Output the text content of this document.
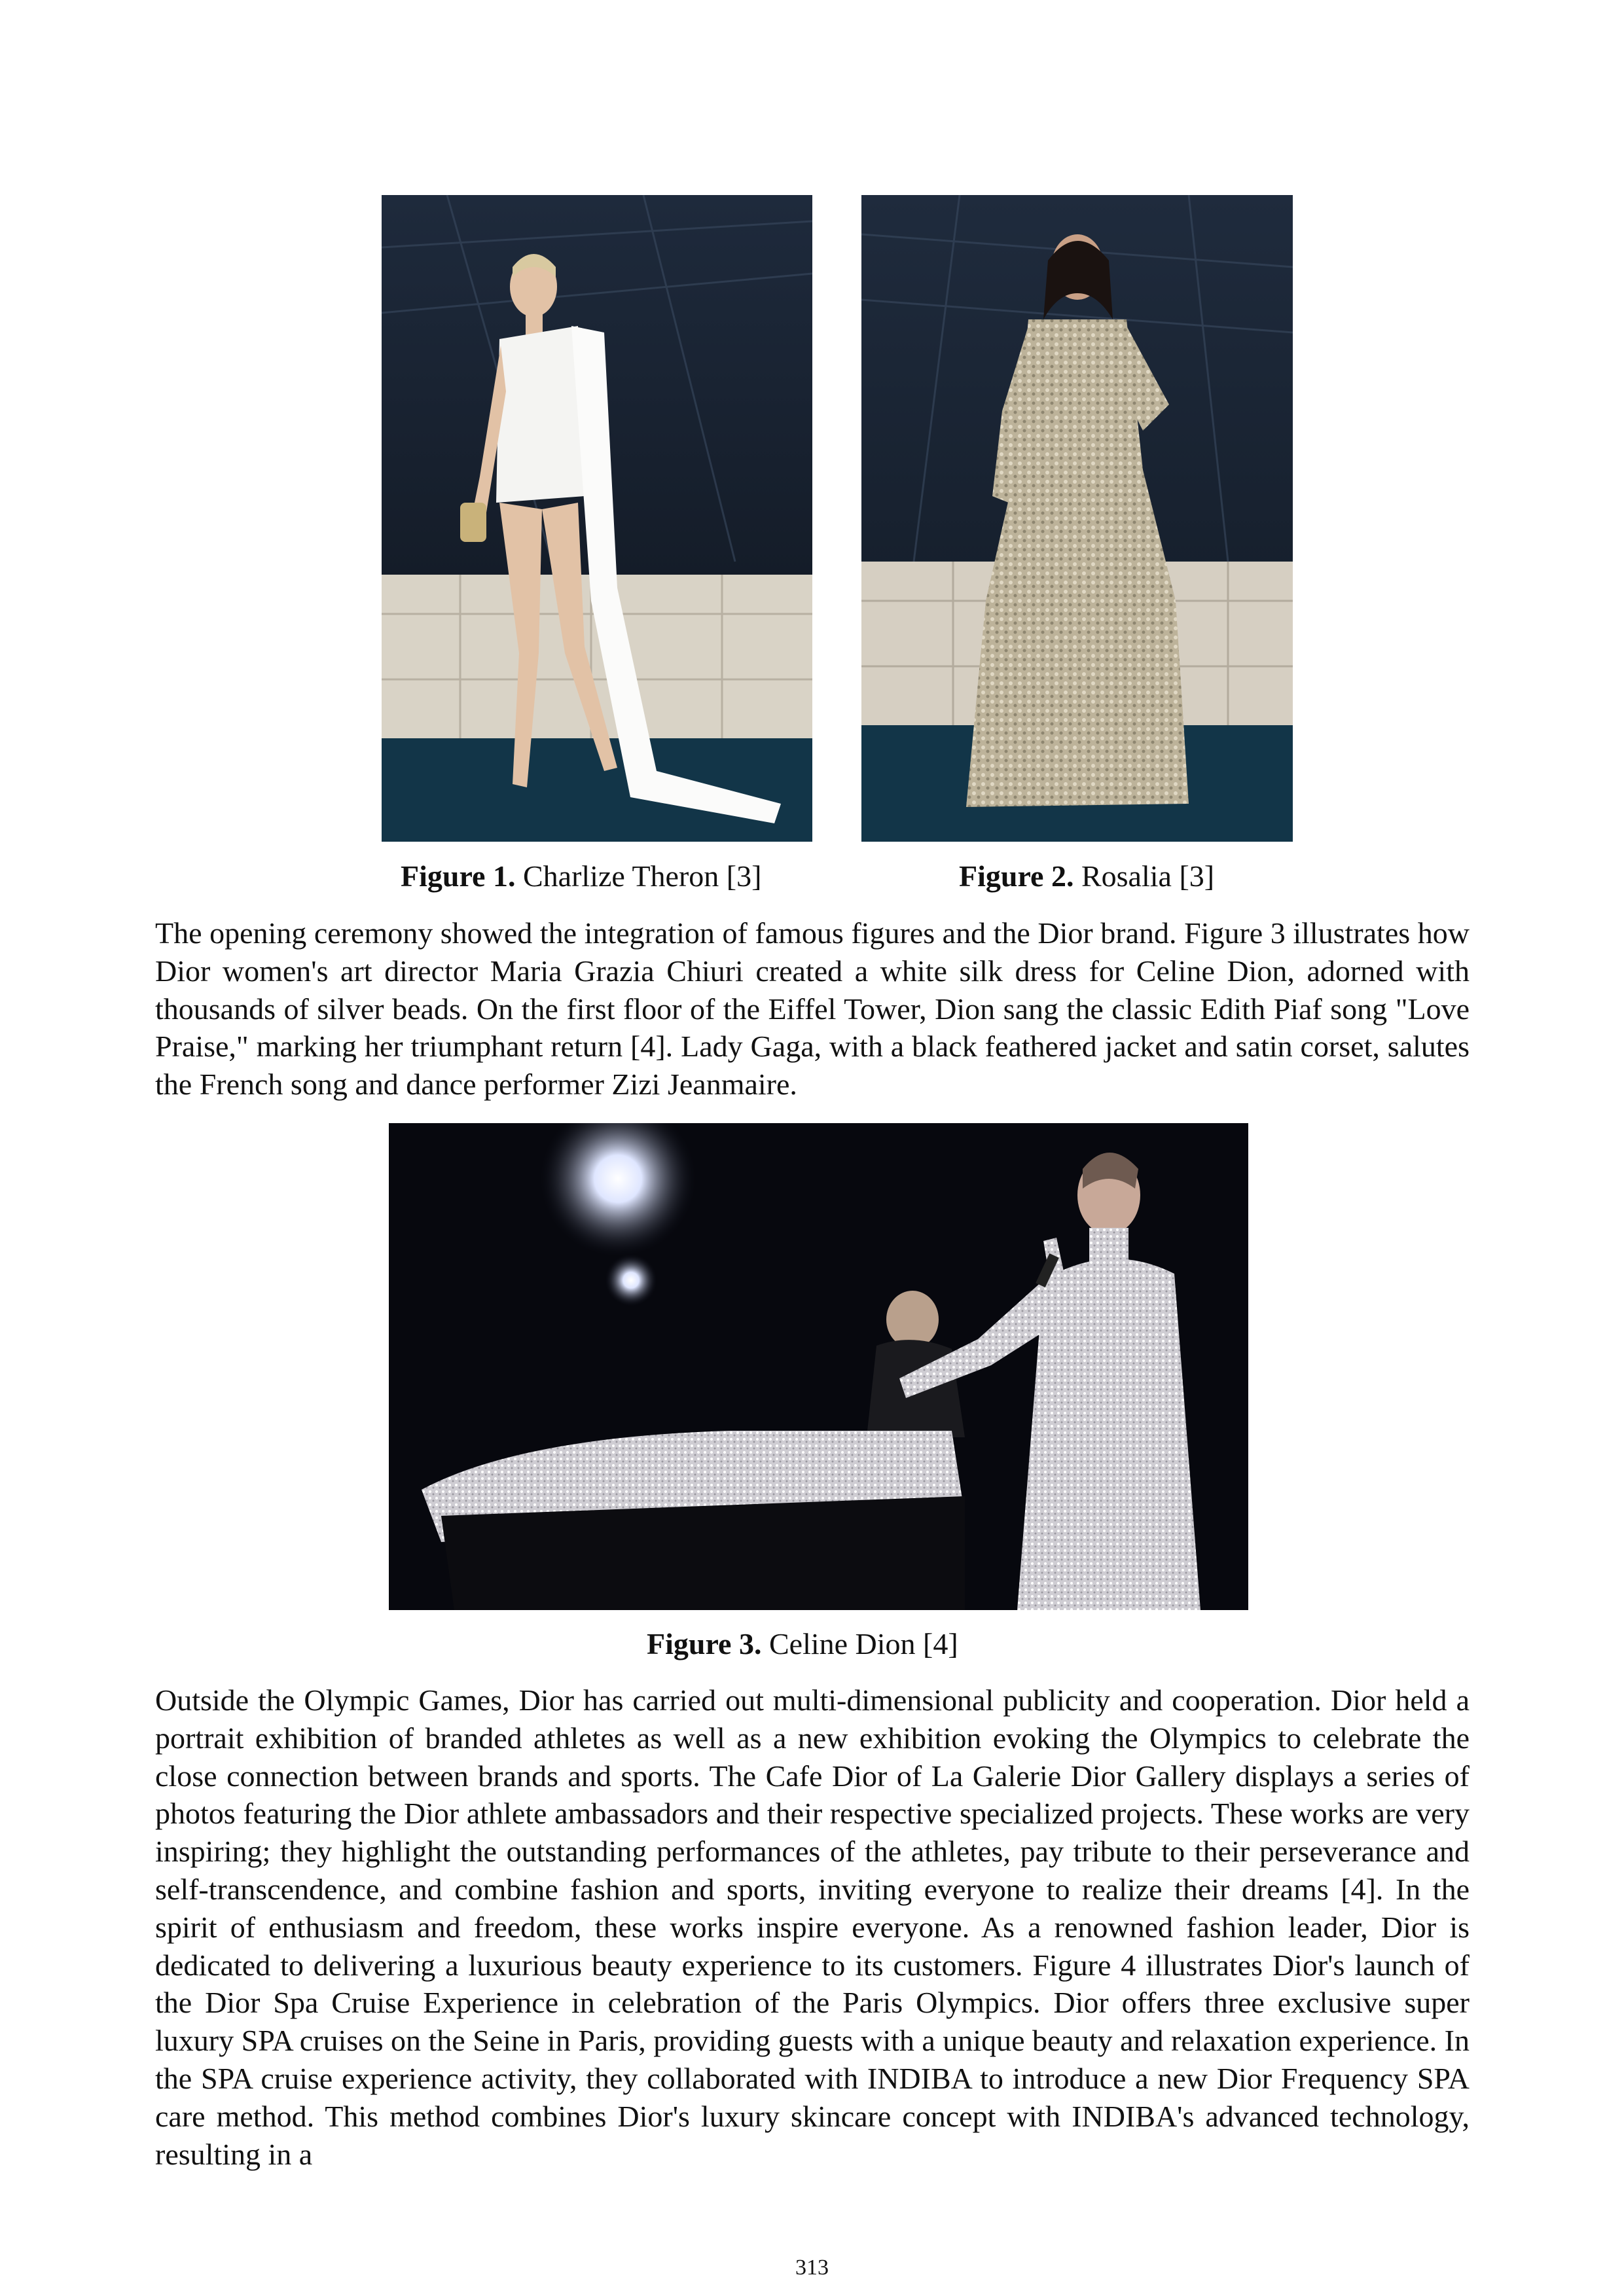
Figure 1. Charlize Theron [3]	Figure 2. Rosalia [3]
The opening ceremony showed the integration of famous figures and the Dior brand. Figure 3 illustrates how Dior women's art director Maria Grazia Chiuri created a white silk dress for Celine Dion, adorned with thousands of silver beads. On the first floor of the Eiffel Tower, Dion sang the classic Edith Piaf song "Love Praise," marking her triumphant return [4]. Lady Gaga, with a black feathered jacket and satin corset, salutes the French song and dance performer Zizi Jeanmaire.
Figure 3. Celine Dion [4]
Outside the Olympic Games, Dior has carried out multi-dimensional publicity and cooperation. Dior held a portrait exhibition of branded athletes as well as a new exhibition evoking the Olympics to celebrate the close connection between brands and sports. The Cafe Dior of La Galerie Dior Gallery displays a series of photos featuring the Dior athlete ambassadors and their respective specialized projects. These works are very inspiring; they highlight the outstanding performances of the athletes, pay tribute to their perseverance and self-transcendence, and combine fashion and sports, inviting everyone to realize their dreams [4]. In the spirit of enthusiasm and freedom, these works inspire everyone. As a renowned fashion leader, Dior is dedicated to delivering a luxurious beauty experience to its customers. Figure 4 illustrates Dior's launch of the Dior Spa Cruise Experience in celebration of the Paris Olympics. Dior offers three exclusive super luxury SPA cruises on the Seine in Paris, providing guests with a unique beauty and relaxation experience. In the SPA cruise experience activity, they collaborated with INDIBA to introduce a new Dior Frequency SPA care method. This method combines Dior's luxury skincare concept with INDIBA's advanced technology, resulting in a
313
